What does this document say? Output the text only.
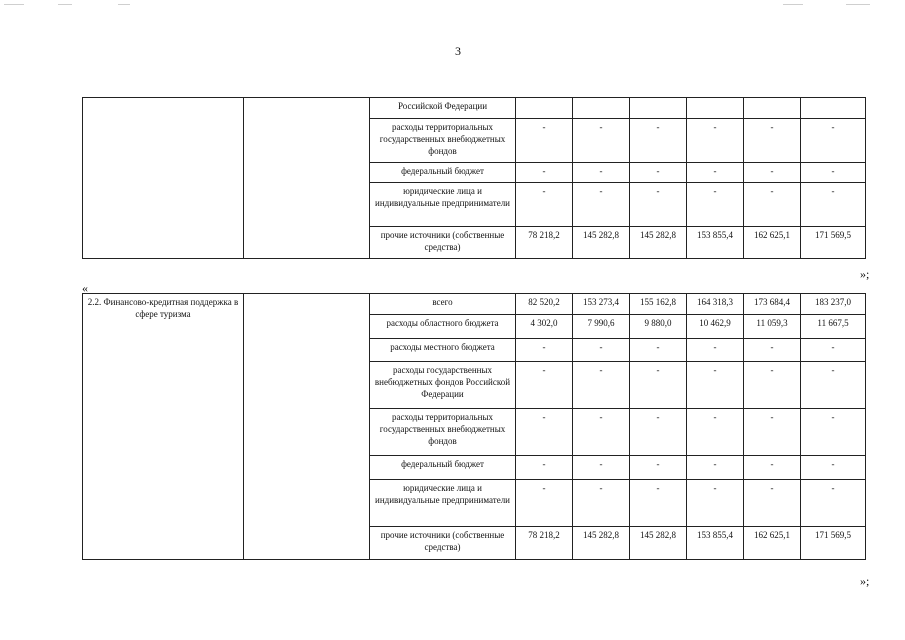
3
		Российской Федерации						
		расходы территориальных государственных внебюджетных фондов	-	-	-	-	-	-
		федеральный бюджет	-	-	-	-	-	-
		юридические лица и индивидуальные предприниматели	-	-	-	-	-	-
		прочие источники (собственные средства)	78 218,2	145 282,8	145 282,8	153 855,4	162 625,1	171 569,5
»;
«
2.2. Финансово-кредитная поддержка в сфере туризма		всего	82 520,2	153 273,4	155 162,8	164 318,3	173 684,4	183 237,0
		расходы областного бюджета	4 302,0	7 990,6	9 880,0	10 462,9	11 059,3	11 667,5
		расходы местного бюджета	-	-	-	-	-	-
		расходы государственных внебюджетных фондов Российской Федерации	-	-	-	-	-	-
		расходы территориальных государственных внебюджетных фондов	-	-	-	-	-	-
		федеральный бюджет	-	-	-	-	-	-
		юридические лица и индивидуальные предприниматели	-	-	-	-	-	-
		прочие источники (собственные средства)	78 218,2	145 282,8	145 282,8	153 855,4	162 625,1	171 569,5
»;
